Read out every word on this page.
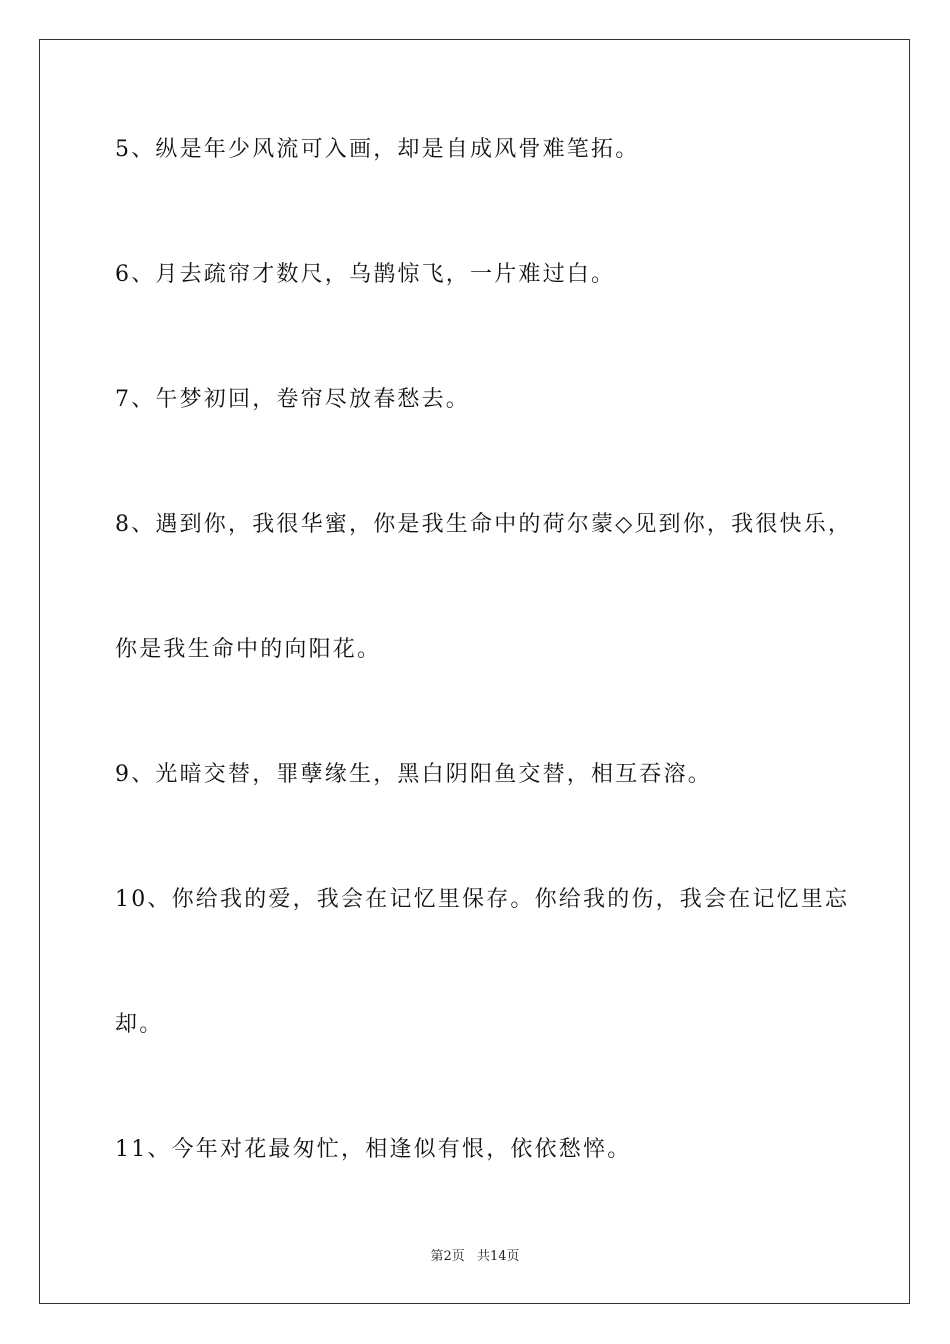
5、纵是年少风流可入画，却是自成风骨难笔拓。
6、月去疏帘才数尺，乌鹊惊飞，一片难过白。
7、午梦初回，卷帘尽放春愁去。
8、遇到你，我很华蜜，你是我生命中的荷尔蒙◇见到你，我很快乐，
你是我生命中的向阳花。
9、光暗交替，罪孽缘生，黑白阴阳鱼交替，相互吞溶。
10、你给我的爱，我会在记忆里保存。你给我的伤，我会在记忆里忘
却。
11、今年对花最匆忙，相逢似有恨，依依愁悴。
第2页 共14页
